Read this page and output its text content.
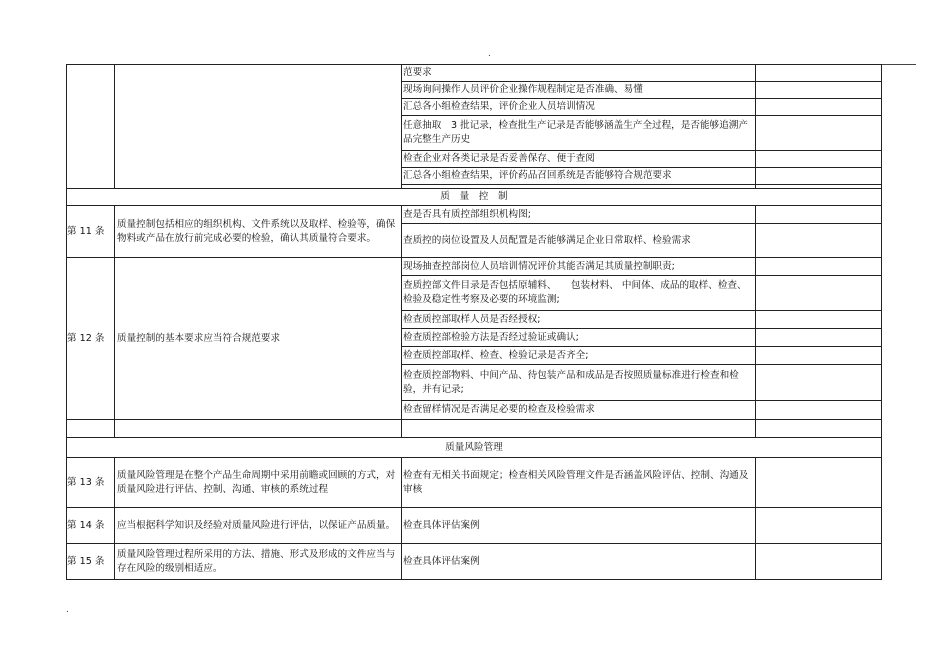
.
		范要求	
		现场询问操作人员评价企业操作规程制定是否准确、易懂	
		汇总各小组检查结果，评价企业人员培训情况	
		任意抽取　3 批记录，检查批生产记录是否能够涵盖生产全过程，是否能够追溯产品完整生产历史	
		检查企业对各类记录是否妥善保存、便于查阅	
		汇总各小组检查结果，评价药品召回系统是否能够符合规范要求	

质　量　控　制			
第 11 条	质量控制包括相应的组织机构、文件系统以及取样、检验等，确保物料或产品在放行前完成必要的检验，确认其质量符合要求。	查是否具有质控部组织机构图;	
		查质控的岗位设置及人员配置是否能够满足企业日常取样、检验需求	
第 12 条	质量控制的基本要求应当符合规范要求	现场抽查控部岗位人员培训情况评价其能否满足其质量控制职责;	
		查质控部文件目录是否包括原辅料、　　包装材料、 中间体、成品的取样、检查、检验及稳定性考察及必要的环境监测;	
		检查质控部取样人员是否经授权;	
		检查质控部检验方法是否经过验证或确认;	
		检查质控部取样、检查、检验记录是否齐全;	
		检查质控部物料、中间产品、待包装产品和成品是否按照质量标准进行检查和检验，并有记录;	
		检查留样情况是否满足必要的检查及检验需求	

质量风险管理			
第 13 条	质量风险管理是在整个产品生命周期中采用前瞻或回顾的方式，对质量风险进行评估、控制、沟通、审核的系统过程	检查有无相关书面规定；检查相关风险管理文件是否涵盖风险评估、控制、沟通及审核	
第 14 条	应当根据科学知识及经验对质量风险进行评估，以保证产品质量。	检查具体评估案例	
第 15 条	质量风险管理过程所采用的方法、措施、形式及形成的文件应当与存在风险的级别相适应。	检查具体评估案例	
.
